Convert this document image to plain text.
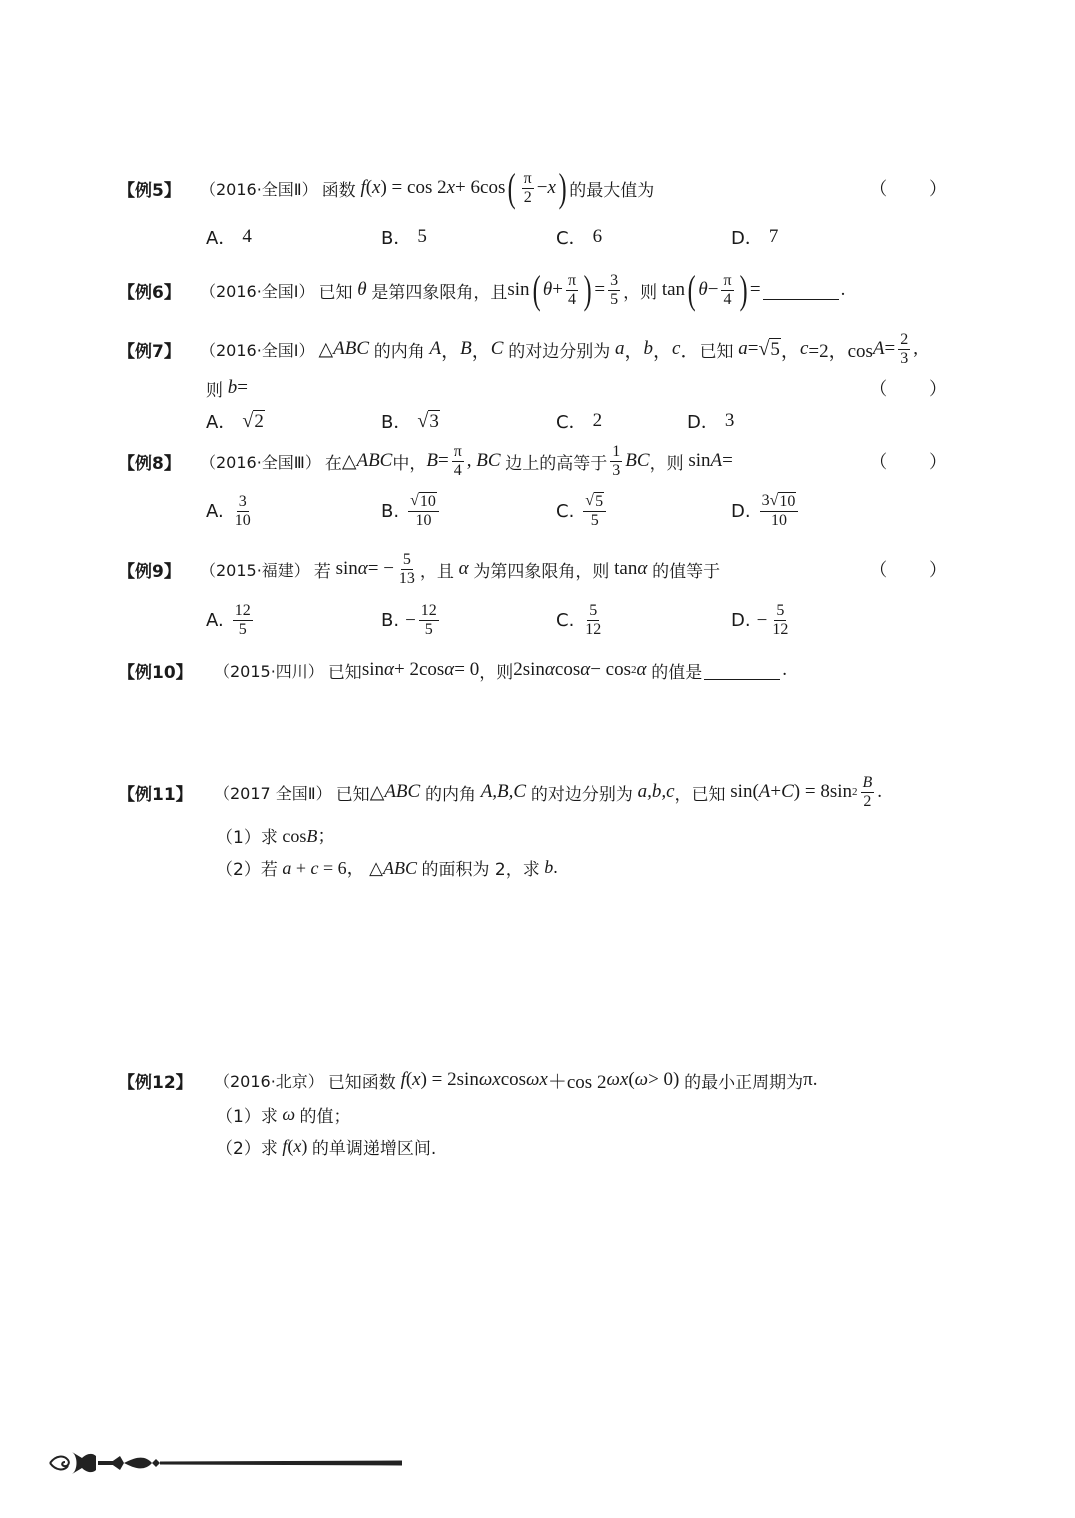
【例5】	（2016·全国Ⅱ） 函数
f ( x ) = cos 2 x + 6cos ( $\frac{\pi}{2} - x$ ) 的最大值为	（ ）
A． 4	B． 5	C． 6	D． 7
【例6】	（2016·全国Ⅰ） 已知 θ 是第四象限角，且 sin ( $\theta + \frac{\pi}{4}$ ) = $\frac{3}{5}$ ，则 tan ( $\theta - \frac{\pi}{4}$ ) =	.
【例7】	（2016·全国Ⅰ） △ ABC
的内角
A ， B ， C
的对边分别为
a ， b ， c ． 已知
a = √ 5 ， c =2，$\cos A = \frac{2}{3}$ ,
则
b =	（ ）
A． √ 2	B． √ 3	C． 2	D． 3
【例8】	（2016·全国Ⅲ） 在 △ ABC 中， $B = \frac{\pi}{4}$ , BC
边上的高等于 $\frac{1}{3}$ BC ，则 sin A =	（ ）
A. $\frac{3}{10}$	B. $\frac{√ 10}{10}$	C. $\frac{√ 5}{5}$	D. $\frac{3 √ 10}{10}$
【例9】	（2015·福建） 若 sin α = − $\frac{5}{13}$ ，且 α 为第四象限角，则 tan α
的值等于	（ ）
A. $\frac{12}{5}$	B. − $\frac{12}{5}$	C. $\frac{5}{12}$	D. − $\frac{5}{12}$
【例10】	（2015·四川） 已知 sin α + 2cos α = 0 ，则 2sin α cos α − cos 2 α
的值是	.
【例11】	（2017 全国Ⅱ） 已知 △ ABC
的内角
A,B,C
的对边分别为
a,b,c ，已知 sin( A + C ) = 8sin $2 \frac{B}{2}$ .
（1）求 cosB；
（2）若 a + c = 6， △ABC 的面积为 2，求 b.
【例12】	（2016·北京） 已知函数
f ( x ) = 2sin ωx cos ωx ＋cos 2 ωx ( ω > 0) 的最小正周期为 π.
（1）求 ω 的值；
（2）求 f(x) 的单调递增区间.
